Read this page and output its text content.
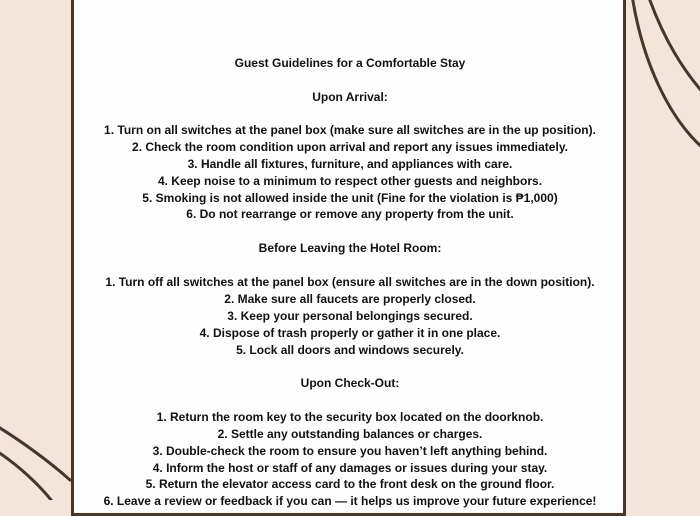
Guest Guidelines for a Comfortable Stay
Upon Arrival:
1. Turn on all switches at the panel box (make sure all switches are in the up position).
2. Check the room condition upon arrival and report any issues immediately.
3. Handle all fixtures, furniture, and appliances with care.
4. Keep noise to a minimum to respect other guests and neighbors.
5. Smoking is not allowed inside the unit (Fine for the violation is ₱1,000)
6. Do not rearrange or remove any property from the unit.
Before Leaving the Hotel Room:
1. Turn off all switches at the panel box (ensure all switches are in the down position).
2. Make sure all faucets are properly closed.
3. Keep your personal belongings secured.
4. Dispose of trash properly or gather it in one place.
5. Lock all doors and windows securely.
Upon Check-Out:
1. Return the room key to the security box located on the doorknob.
2. Settle any outstanding balances or charges.
3. Double-check the room to ensure you haven’t left anything behind.
4. Inform the host or staff of any damages or issues during your stay.
5. Return the elevator access card to the front desk on the ground floor.
6. Leave a review or feedback if you can — it helps us improve your future experience!
